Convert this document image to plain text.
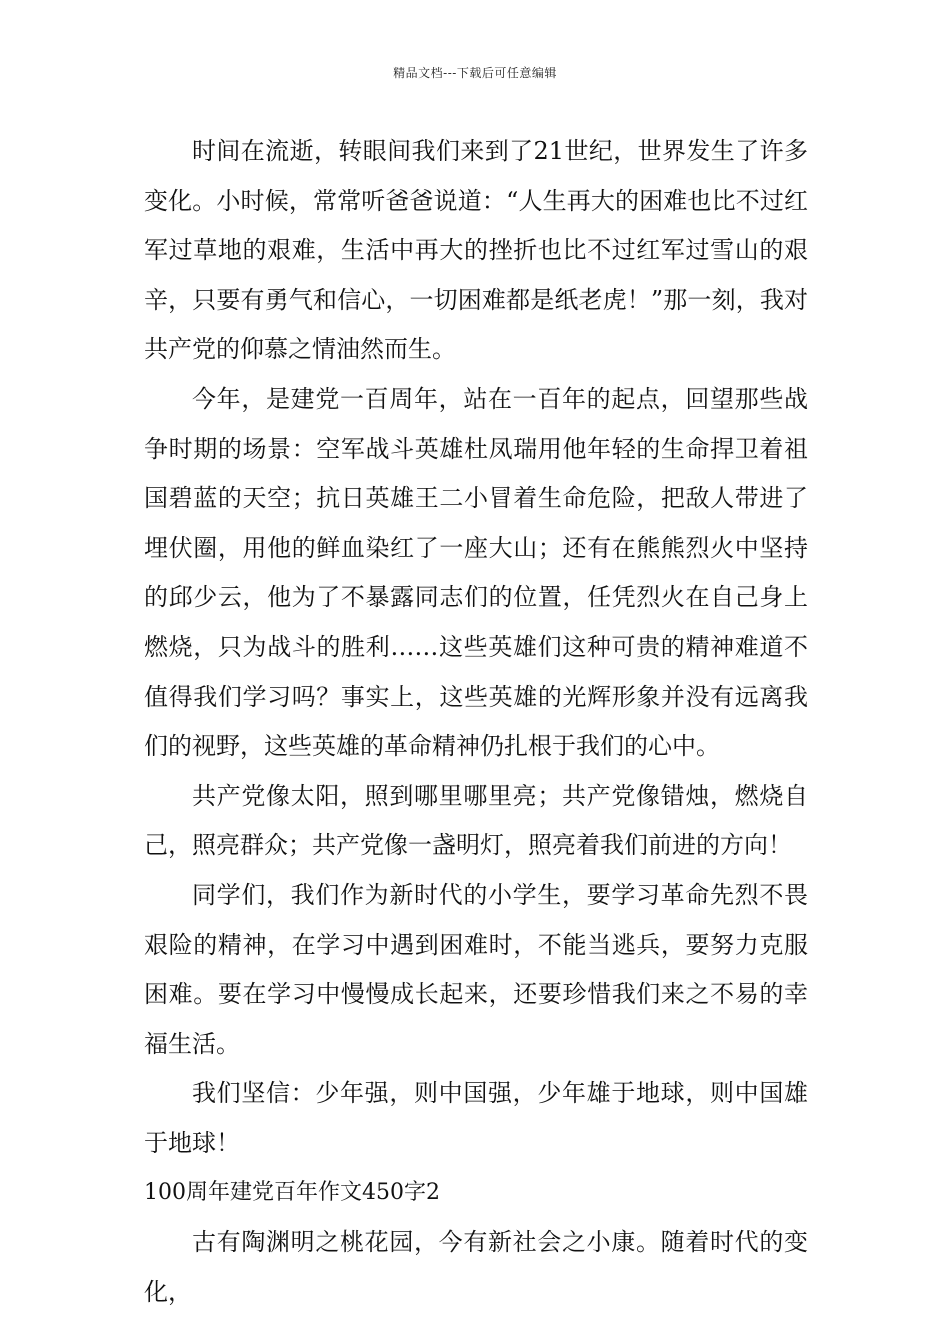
精品文档---下载后可任意编辑

时间在流逝，转眼间我们来到了21世纪，世界发生了许多变化。小时候，常常听爸爸说道：“人生再大的困难也比不过红军过草地的艰难，生活中再大的挫折也比不过红军过雪山的艰辛，只要有勇气和信心，一切困难都是纸老虎！”那一刻，我对共产党的仰慕之情油然而生。

今年，是建党一百周年，站在一百年的起点，回望那些战争时期的场景：空军战斗英雄杜凤瑞用他年轻的生命捍卫着祖国碧蓝的天空；抗日英雄王二小冒着生命危险，把敌人带进了埋伏圈，用他的鲜血染红了一座大山；还有在熊熊烈火中坚持的邱少云，他为了不暴露同志们的位置，任凭烈火在自己身上燃烧，只为战斗的胜利……这些英雄们这种可贵的精神难道不值得我们学习吗？事实上，这些英雄的光辉形象并没有远离我们的视野，这些英雄的革命精神仍扎根于我们的心中。

共产党像太阳，照到哪里哪里亮；共产党像错烛，燃烧自己，照亮群众；共产党像一盏明灯，照亮着我们前进的方向！

同学们，我们作为新时代的小学生，要学习革命先烈不畏艰险的精神，在学习中遇到困难时，不能当逃兵，要努力克服困难。要在学习中慢慢成长起来，还要珍惜我们来之不易的幸福生活。

我们坚信：少年强，则中国强，少年雄于地球，则中国雄于地球！

100周年建党百年作文450字2

古有陶渊明之桃花园，今有新社会之小康。随着时代的变化，
